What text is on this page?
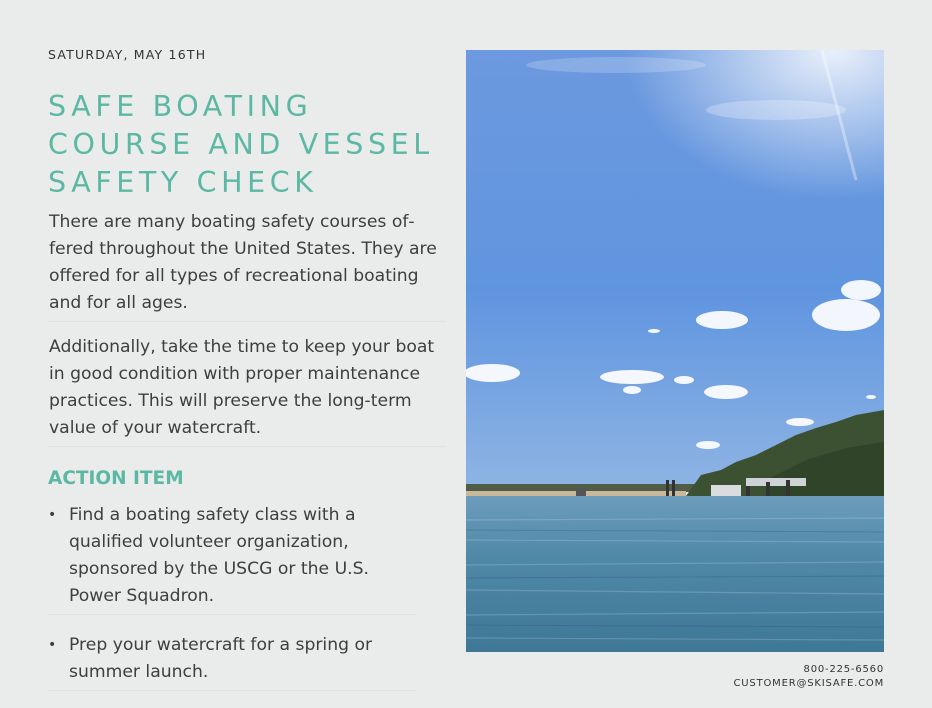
SATURDAY, MAY 16TH
SAFE BOATING COURSE AND VESSEL SAFETY CHECK

There are many boating safety courses offered throughout the United States. They are offered for all types of recreational boating and for all ages.

Additionally, take the time to keep your boat in good condition with proper maintenance practices. This will preserve the long-term value of your watercraft.

ACTION ITEM
• Find a boating safety class with a qualified volunteer organization, sponsored by the USCG or the U.S. Power Squadron.
• Prep your watercraft for a spring or summer launch.	800-225-6560
CUSTOMER@SKISAFE.COM
